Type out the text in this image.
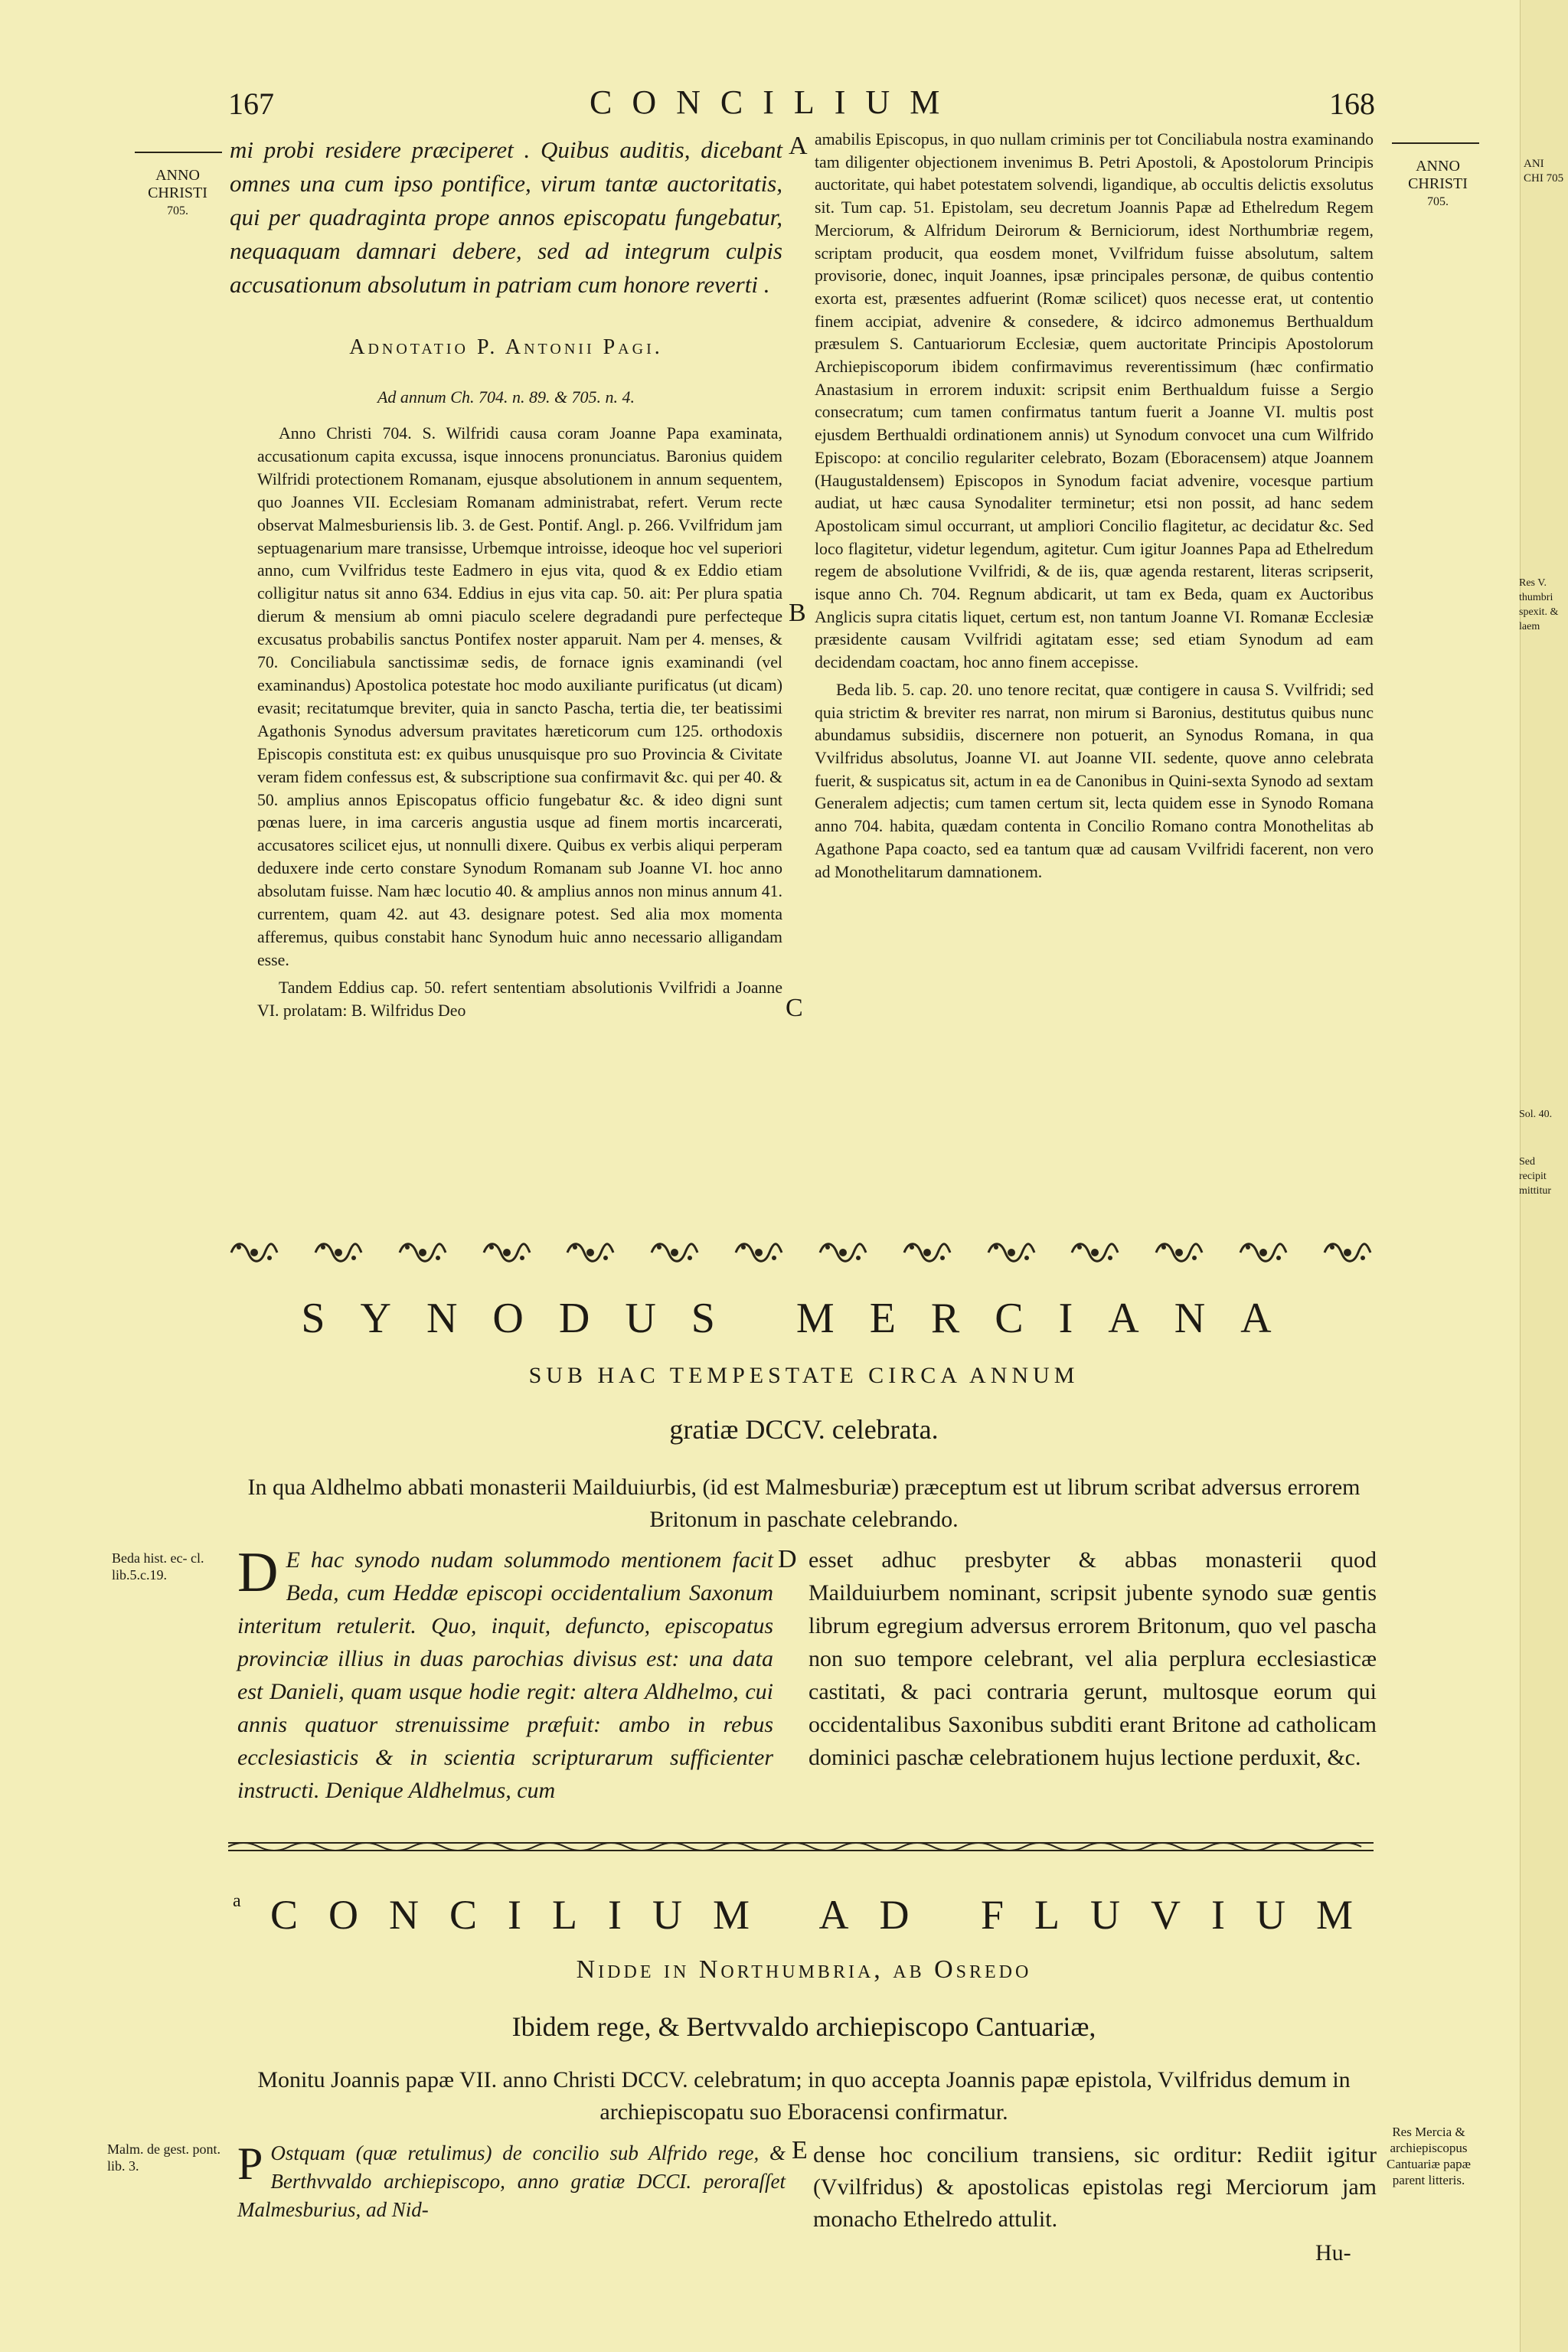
167	CONCILIUM	168
ANNO
CHRISTI
705.
ANNO
CHRISTI
705.
ANI CHI 705
Res V. thumbri spexit. & laem
Sol. 40.
Sed recipit mittitur
mi probi residere præciperet . Quibus auditis, dicebant omnes una cum ipso pontifice, virum tantæ auctoritatis, qui per quadraginta prope annos episcopatu fungebatur, nequaquam damnari debere, sed ad integrum culpis accusationum absolutum in patriam cum honore reverti .
Adnotatio P. Antonii Pagi.
Ad annum Ch. 704. n. 89. & 705. n. 4.

Anno Christi 704. S. Wilfridi causa coram Joanne Papa examinata, accusationum capita excussa, isque innocens pronunciatus. Baronius quidem Wilfridi protectionem Romanam, ejusque absolutionem in annum sequentem, quo Joannes VII. Ecclesiam Romanam administrabat, refert. Verum recte observat Malmesburiensis lib. 3. de Gest. Pontif. Angl. p. 266. Vvilfridum jam septuagenarium mare transisse, Urbemque introisse, ideoque hoc vel superiori anno, cum Vvilfridus teste Eadmero in ejus vita, quod & ex Eddio etiam colligitur natus sit anno 634. Eddius in ejus vita cap. 50. ait: Per plura spatia dierum & mensium ab omni piaculo scelere degradandi pure perfecteque excusatus probabilis sanctus Pontifex noster apparuit. Nam per 4. menses, & 70. Conciliabula sanctissimæ sedis, de fornace ignis examinandi (vel examinandus) Apostolica potestate hoc modo auxiliante purificatus (ut dicam) evasit; recitatumque breviter, quia in sancto Pascha, tertia die, ter beatissimi Agathonis Synodus adversum pravitates hæreticorum cum 125. orthodoxis Episcopis constituta est: ex quibus unusquisque pro suo Provincia & Civitate veram fidem confessus est, & subscriptione sua confirmavit &c. qui per 40. & 50. amplius annos Episcopatus officio fungebatur &c. & ideo digni sunt pœnas luere, in ima carceris angustia usque ad finem mortis incarcerati, accusatores scilicet ejus, ut nonnulli dixere. Quibus ex verbis aliqui perperam deduxere inde certo constare Synodum Romanam sub Joanne VI. hoc anno absolutam fuisse. Nam hæc locutio 40. & amplius annos non minus annum 41. currentem, quam 42. aut 43. designare potest. Sed alia mox momenta afferemus, quibus constabit hanc Synodum huic anno necessario alligandam esse.

Tandem Eddius cap. 50. refert sententiam absolutionis Vvilfridi a Joanne VI. prolatam: B. Wilfridus Deo

A
B
C

amabilis Episcopus, in quo nullam criminis per tot Conciliabula nostra examinando tam diligenter objectionem invenimus B. Petri Apostoli, & Apostolorum Principis auctoritate, qui habet potestatem solvendi, ligandique, ab occultis delictis exsolutus sit. Tum cap. 51. Epistolam, seu decretum Joannis Papæ ad Ethelredum Regem Merciorum, & Alfridum Deirorum & Berniciorum, idest Northumbriæ regem, scriptam producit, qua eosdem monet, Vvilfridum fuisse absolutum, saltem provisorie, donec, inquit Joannes, ipsæ principales personæ, de quibus contentio exorta est, præsentes adfuerint (Romæ scilicet) quos necesse erat, ut contentio finem accipiat, advenire & consedere, & idcirco admonemus Berthualdum præsulem S. Cantuariorum Ecclesiæ, quem auctoritate Principis Apostolorum Archiepiscoporum ibidem confirmavimus reverentissimum (hæc confirmatio Anastasium in errorem induxit: scripsit enim Berthualdum fuisse a Sergio consecratum; cum tamen confirmatus tantum fuerit a Joanne VI. multis post ejusdem Berthualdi ordinationem annis) ut Synodum convocet una cum Wilfrido Episcopo: at concilio regulariter celebrato, Bozam (Eboracensem) atque Joannem (Haugustaldensem) Episcopos in Synodum faciat advenire, vocesque partium audiat, ut hæc causa Synodaliter terminetur; etsi non possit, ad hanc sedem Apostolicam simul occurrant, ut ampliori Concilio flagitetur, ac decidatur &c. Sed loco flagitetur, videtur legendum, agitetur. Cum igitur Joannes Papa ad Ethelredum regem de absolutione Vvilfridi, & de iis, quæ agenda restarent, literas scripserit, isque anno Ch. 704. Regnum abdicarit, ut tam ex Beda, quam ex Auctoribus Anglicis supra citatis liquet, certum est, non tantum Joanne VI. Romanæ Ecclesiæ præsidente causam Vvilfridi agitatam esse; sed etiam Synodum ad eam decidendam coactam, hoc anno finem accepisse.

Beda lib. 5. cap. 20. uno tenore recitat, quæ contigere in causa S. Vvilfridi; sed quia strictim & breviter res narrat, non mirum si Baronius, destitutus quibus nunc abundamus subsidiis, discernere non potuerit, an Synodus Romana, in qua Vvilfridus absolutus, Joanne VI. aut Joanne VII. sedente, quove anno celebrata fuerit, & suspicatus sit, actum in ea de Canonibus in Quini-sexta Synodo ad sextam Generalem adjectis; cum tamen certum sit, lecta quidem esse in Synodo Romana anno 704. habita, quædam contenta in Concilio Romano contra Monothelitas ab Agathone Papa coacto, sed ea tantum quæ ad causam Vvilfridi facerent, non vero ad Monothelitarum damnationem.

SYNODUS MERCIANA
SUB HAC TEMPESTATE CIRCA ANNUM
gratiæ DCCV. celebrata.
In qua Aldhelmo abbati monasterii Mailduiurbis, (id est Malmesburiæ) præceptum est ut librum scribat adversus errorem Britonum in paschate celebrando.
Beda hist. ec- cl. lib.5.c.19.
D
D E hac synodo nudam solummodo mentionem facit Beda, cum Heddæ episcopi occidentalium Saxonum interitum retulerit. Quo, inquit, defuncto, episcopatus provinciæ illius in duas parochias divisus est: una data est Danieli, quam usque hodie regit: altera Aldhelmo, cui annis quatuor strenuissime præfuit: ambo in rebus ecclesiasticis & in scientia scripturarum sufficienter instructi. Denique Aldhelmus, cum
esset adhuc presbyter & abbas monasterii quod Mailduiurbem nominant, scripsit jubente synodo suæ gentis librum egregium adversus errorem Britonum, quo vel pascha non suo tempore celebrant, vel alia perplura ecclesiasticæ castitati, & paci contraria gerunt, multosque eorum qui occidentalibus Saxonibus subditi erant Britone ad catholicam dominici paschæ celebrationem hujus lectione perduxit, &c.
a CONCILIUM AD FLUVIUM
Nidde in Northumbria, ab Osredo
Ibidem rege, & Bertvvaldo archiepiscopo Cantuariæ,
Monitu Joannis papæ VII. anno Christi DCCV. celebratum; in quo accepta Joannis papæ epistola, Vvilfridus demum in archiepiscopatu suo Eboracensi confirmatur.
Malm. de gest. pont. lib. 3.
Res Mercia & archiepiscopus Cantuariæ papæ parent litteris.
E
P Ostquam (quæ retulimus) de concilio sub Alfrido rege, & Berthvvaldo archiepiscopo, anno gratiæ DCCI. peroraſſet Malmesburius, ad Nid-
dense hoc concilium transiens, sic orditur: Rediit igitur (Vvilfridus) & apostolicas epistolas regi Merciorum jam monacho Ethelredo attulit.
Hu-
